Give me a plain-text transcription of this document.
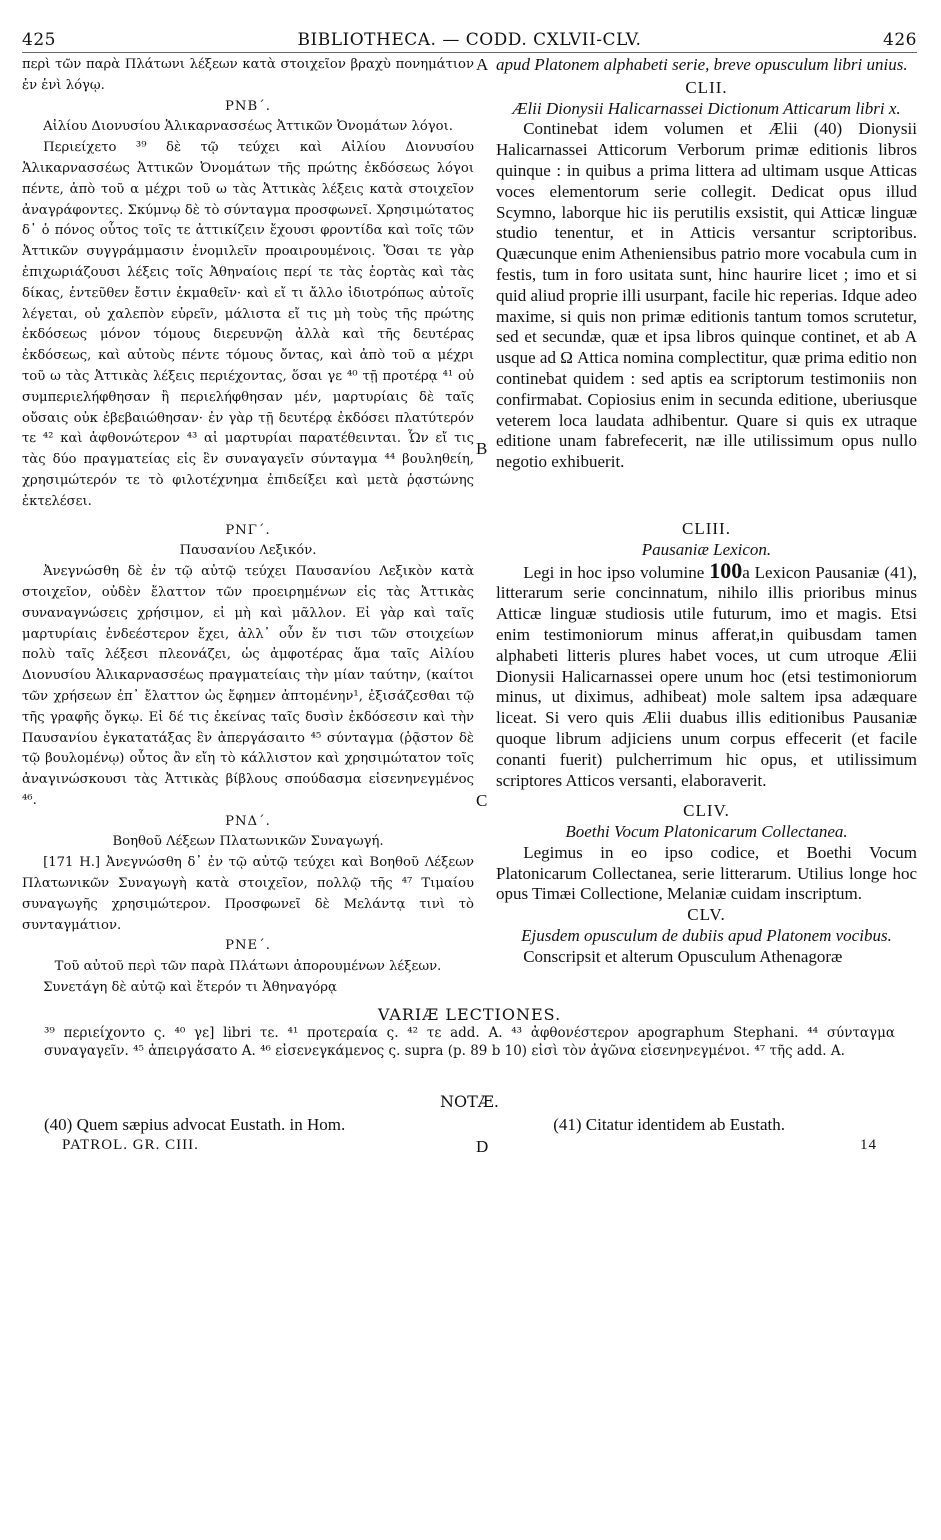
425	BIBLIOTHECA. — CODD. CXLVII-CLV.	426
περὶ τῶν παρὰ Πλάτωνι λέξεων κατὰ στοιχεῖον βραχὺ πονημάτιον ἐν ἑνὶ λόγῳ.
ΡΝΒ΄.
Αἰλίου Διονυσίου Ἁλικαρνασσέως Ἀττικῶν Ὀνομάτων λόγοι.
Περιείχετο ³⁹ δὲ τῷ τεύχει καὶ Αἰλίου Διονυσίου Ἁλικαρνασσέως Ἀττικῶν Ὀνομάτων τῆς πρώτης ἐκδόσεως λόγοι πέντε, ἀπὸ τοῦ α μέχρι τοῦ ω τὰς Ἀττικὰς λέξεις κατὰ στοιχεῖον ἀναγράφοντες. Σκύμνῳ δὲ τὸ σύνταγμα προσφωνεῖ. Χρησιμώτατος δ᾽ ὁ πόνος οὗτος τοῖς τε ἀττικίζειν ἔχουσι φροντίδα καὶ τοῖς τῶν Ἀττικῶν συγγράμμασιν ἐνομιλεῖν προαιρουμένοις. Ὅσαι τε γὰρ ἐπιχωριάζουσι λέξεις τοῖς Ἀθηναίοις περί τε τὰς ἑορτὰς καὶ τὰς δίκας, ἐντεῦθεν ἔστιν ἐκμαθεῖν· καὶ εἴ τι ἄλλο ἰδιοτρόπως αὐτοῖς λέγεται, οὐ χαλεπὸν εὑρεῖν, μάλιστα εἴ τις μὴ τοὺς τῆς πρώτης ἐκδόσεως μόνον τόμους διερευνῷη ἀλλὰ καὶ τῆς δευτέρας ἐκδόσεως, καὶ αὐτοὺς πέντε τόμους ὄντας, καὶ ἀπὸ τοῦ α μέχρι τοῦ ω τὰς Ἀττικὰς λέξεις περιέχοντας, ὅσαι γε ⁴⁰ τῇ προτέρᾳ ⁴¹ οὐ συμπεριελήφθησαν ἢ περιελήφθησαν μέν, μαρτυρίαις δὲ ταῖς οὔσαις οὐκ ἐβεβαιώθησαν· ἐν γὰρ τῇ δευτέρᾳ ἐκδόσει πλατύτερόν τε ⁴² καὶ ἀφθονώτερον ⁴³ αἱ μαρτυρίαι παρατέθεινται. Ὧν εἴ τις τὰς δύο πραγματείας εἰς ἓν συναγαγεῖν σύνταγμα ⁴⁴ βουληθείη, χρησιμώτερόν τε τὸ φιλοτέχνημα ἐπιδείξει καὶ μετὰ ῥᾳστώνης ἐκτελέσει.
ΡΝΓ΄.
Παυσανίου Λεξικόν.
Ἀνεγνώσθη δὲ ἐν τῷ αὐτῷ τεύχει Παυσανίου Λεξικὸν κατὰ στοιχεῖον, οὐδὲν ἔλαττον τῶν προειρημένων εἰς τὰς Ἀττικὰς συναναγνώσεις χρήσιμον, εἰ μὴ καὶ μᾶλλον. Εἰ γὰρ καὶ ταῖς μαρτυρίαις ἐνδεέστερον ἔχει, ἀλλ᾽ οὖν ἔν τισι τῶν στοιχείων πολὺ ταῖς λέξεσι πλεονάζει, ὡς ἀμφοτέρας ἅμα ταῖς Αἰλίου Διονυσίου Ἁλικαρνασσέως πραγματείαις τὴν μίαν ταύτην, (καίτοι τῶν χρήσεων ἐπ᾽ ἔλαττον ὡς ἔφημεν ἀπτομένην¹, ἐξισάζεσθαι τῷ τῆς γραφῆς ὄγκῳ. Εἰ δέ τις ἐκείνας ταῖς δυσὶν ἐκδόσεσιν καὶ τὴν Παυσανίου ἐγκατατάξας ἓν ἀπεργάσαιτο ⁴⁵ σύνταγμα (ῥᾷστον δὲ τῷ βουλομένῳ) οὗτος ἂν εἴη τὸ κάλλιστον καὶ χρησιμώτατον τοῖς ἀναγινώσκουσι τὰς Ἀττικὰς βίβλους σπούδασμα εἰσενηνεγμένος ⁴⁶.
ΡΝΔ΄.
Βοηθοῦ Λέξεων Πλατωνικῶν Συναγωγή.
[171 H.] Ἀνεγνώσθη δ᾽ ἐν τῷ αὐτῷ τεύχει καὶ Βοηθοῦ Λέξεων Πλατωνικῶν Συναγωγὴ κατὰ στοιχεῖον, πολλῷ τῆς ⁴⁷ Τιμαίου συναγωγῆς χρησιμώτερον. Προσφωνεῖ δὲ Μελάντᾳ τινὶ τὸ συνταγμάτιον.
ΡΝΕ΄.
Τοῦ αὐτοῦ περὶ τῶν παρὰ Πλάτωνι ἀπορουμένων λέξεων.
Συνετάγη δὲ αὐτῷ καὶ ἕτερόν τι Ἀθηναγόρᾳ
A
B
C
D
apud Platonem alphabeti serie, breve opusculum libri unius.
CLII.
Ælii Dionysii Halicarnassei Dictionum Atticarum libri x.
Continebat idem volumen et Ælii (40) Dionysii Halicarnassei Atticorum Verborum primæ editionis libros quinque : in quibus a prima littera ad ultimam usque Atticas voces elementorum serie collegit. Dedicat opus illud Scymno, laborque hic iis perutilis exsistit, qui Atticæ linguæ studio tenentur, et in Atticis versantur scriptoribus. Quæcunque enim Atheniensibus patrio more vocabula cum in festis, tum in foro usitata sunt, hinc haurire licet ; imo et si quid aliud proprie illi usurpant, facile hic reperias. Idque adeo maxime, si quis non primæ editionis tantum tomos scrutetur, sed et secundæ, quæ et ipsa libros quinque continet, et ab A usque ad Ω Attica nomina complectitur, quæ prima editio non continebat quidem : sed aptis ea scriptorum testimoniis non confirmabat. Copiosius enim in secunda editione, uberiusque veterem loca laudata adhibentur. Quare si quis ex utraque editione unam fabrefecerit, næ ille utilissimum opus nullo negotio exhibuerit.
CLIII.
Pausaniæ Lexicon.
Legi in hoc ipso volumine 100a Lexicon Pausaniæ (41), litterarum serie concinnatum, nihilo illis prioribus minus Atticæ linguæ studiosis utile futurum, imo et magis. Etsi enim testimoniorum minus afferat,in quibusdam tamen alphabeti litteris plures habet voces, ut cum utroque Ælii Dionysii Halicarnassei opere unum hoc (etsi testimoniorum minus, ut diximus, adhibeat) mole saltem ipsa adæquare liceat. Si vero quis Ælii duabus illis editionibus Pausaniæ quoque librum adjiciens unum corpus effecerit (et facile conanti fuerit) pulcherrimum hic opus, et utilissimum scriptores Atticos versanti, elaboraverit.
CLIV.
Boethi Vocum Platonicarum Collectanea.
Legimus in eo ipso codice, et Boethi Vocum Platonicarum Collectanea, serie litterarum. Utilius longe hoc opus Timæi Collectione, Melaniæ cuidam inscriptum.
CLV.
Ejusdem opusculum de dubiis apud Platonem vocibus.
Conscripsit et alterum Opusculum Athenagoræ
VARIÆ LECTIONES.
³⁹ περιείχοντο ς. ⁴⁰ γε] libri τε. ⁴¹ προτεραία ς. ⁴² τε add. A. ⁴³ ἀφθονέστερον apographum Stephani. ⁴⁴ σύνταγμα συναγαγεῖν. ⁴⁵ ἀπειργάσατο A. ⁴⁶ εἰσενεγκάμενος ς. supra (p. 89 b 10) εἰσὶ τὸν ἀγῶνα εἰσενηνεγμένοι. ⁴⁷ τῆς add. A.
NOTÆ.
(40) Quem sæpius advocat Eustath. in Hom.	(41) Citatur identidem ab Eustath.
PATROL. GR. CIII.	14
